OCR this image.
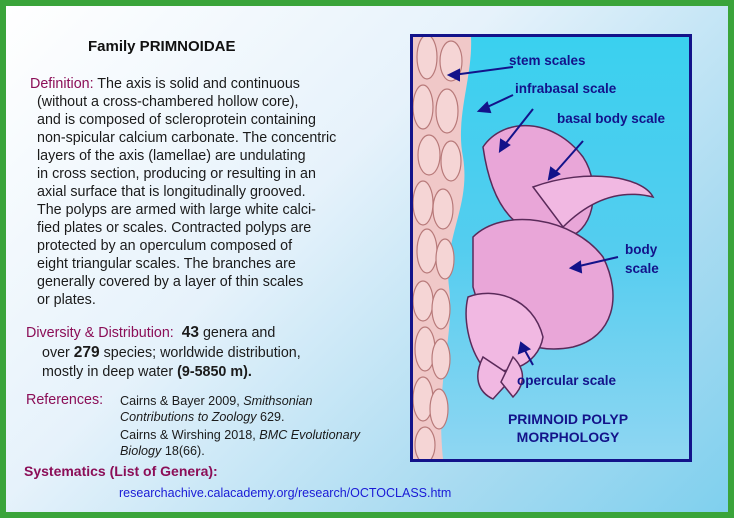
Family PRIMNOIDAE
Definition: The axis is solid and continuous
(without a cross-chambered hollow core),
and is composed of scleroprotein containing
non-spicular calcium carbonate. The concentric
layers of the axis (lamellae) are undulating
in cross section, producing or resulting in an
axial surface that is longitudinally grooved.
The polyps are armed with large white calci-
fied plates or scales. Contracted polyps are
protected by an operculum composed of
eight triangular scales. The branches are
generally covered by a layer of thin scales
or plates.
Diversity & Distribution: 43 genera and
over 279 species; worldwide distribution,
mostly in deep water (9-5850 m).
References: Cairns & Bayer 2009, Smithsonian
Contributions to Zoology 629.
Cairns & Wirshing 2018, BMC Evolutionary
Biology 18(66).
Systematics (List of Genera):
researchachive.calacademy.org/research/OCTOCLASS.htm
stem scales
infrabasal scale
basal body scale
body
scale
opercular scale
PRIMNOID POLYP
MORPHOLOGY
